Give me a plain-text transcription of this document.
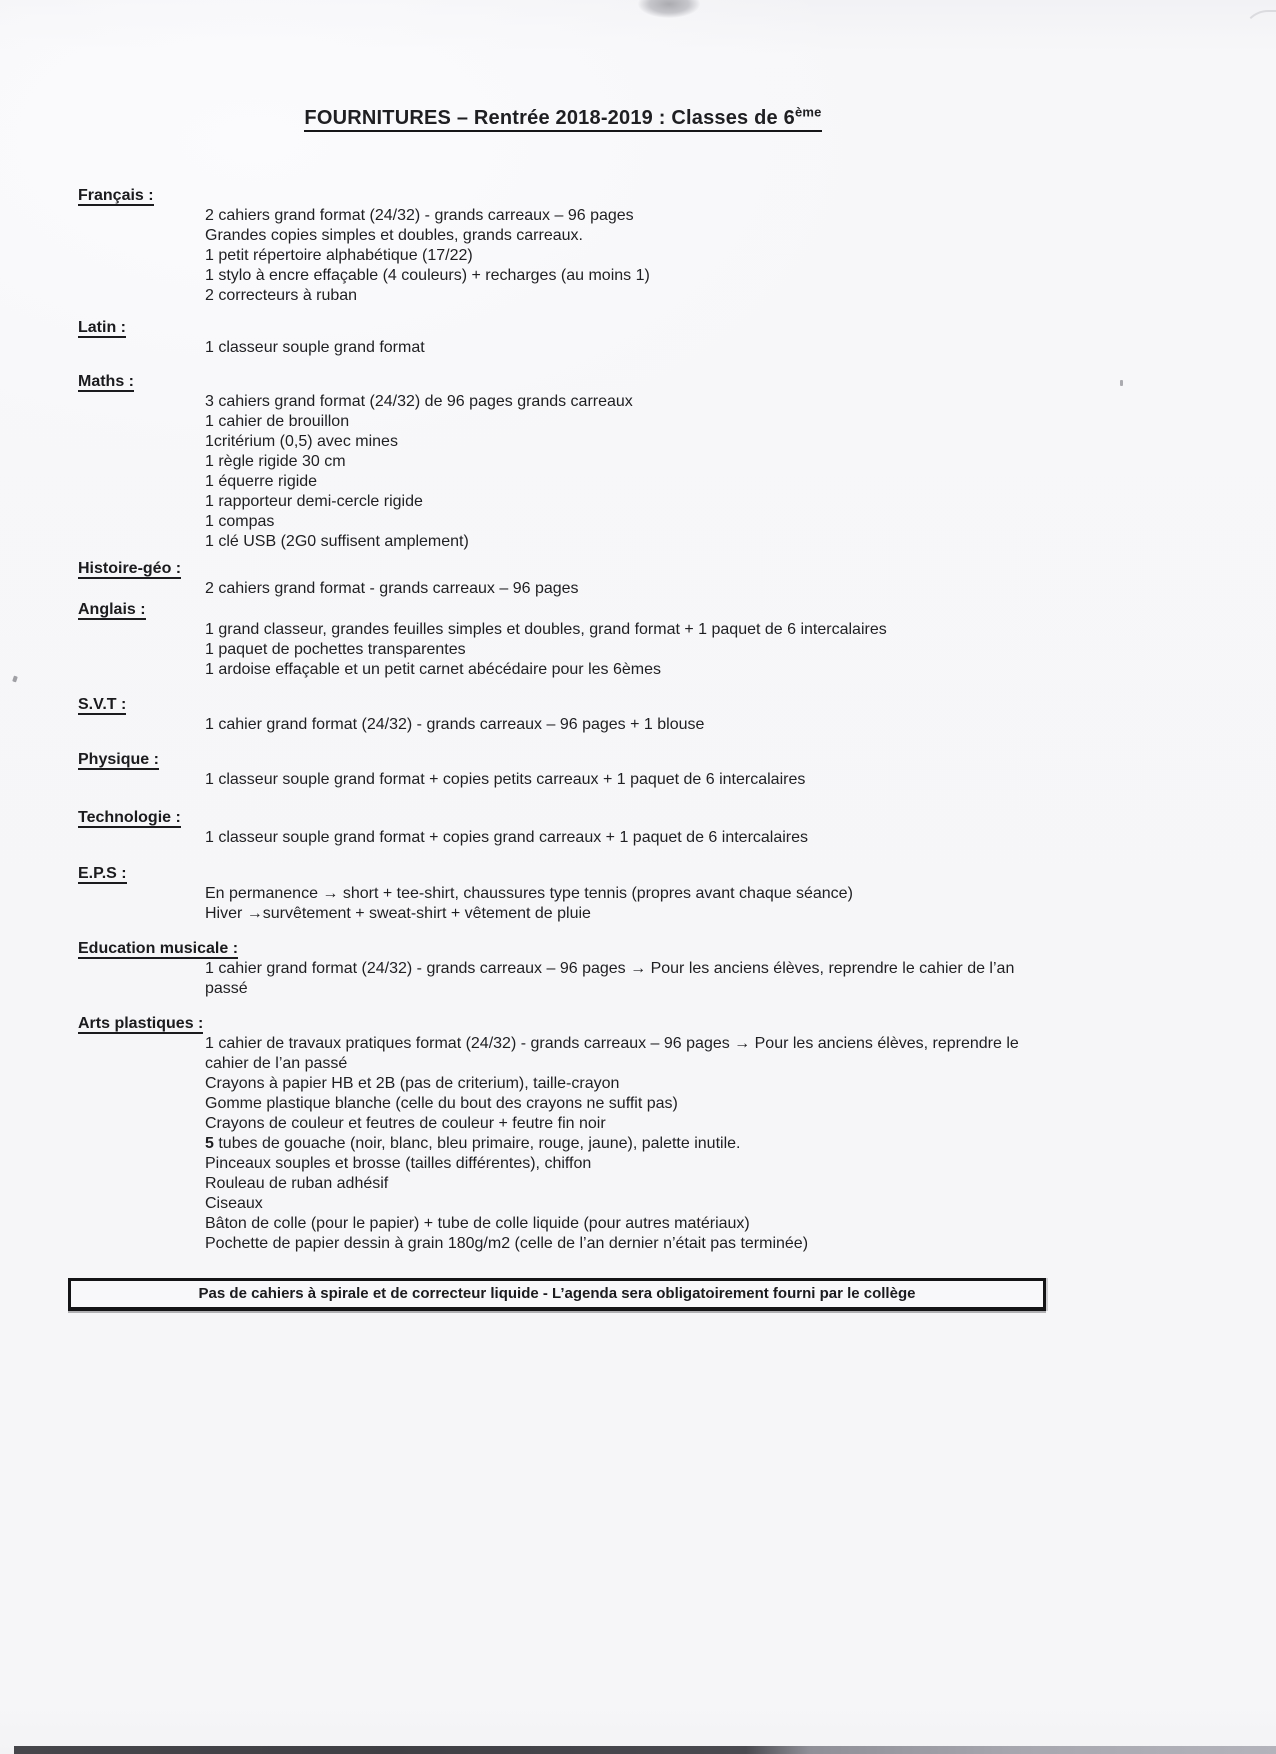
FOURNITURES – Rentrée 2018-2019 : Classes de 6ème
Français :
2 cahiers grand format (24/32) - grands carreaux – 96 pages
Grandes copies simples et doubles, grands carreaux.
1 petit répertoire alphabétique (17/22)
1 stylo à encre effaçable (4 couleurs) + recharges (au moins 1)
2 correcteurs à ruban
Latin :
1 classeur souple grand format
Maths :
3 cahiers grand format (24/32) de 96 pages grands carreaux
1 cahier de brouillon
1critérium (0,5) avec mines
1 règle rigide 30 cm
1 équerre rigide
1 rapporteur demi-cercle rigide
1 compas
1 clé USB (2G0 suffisent amplement)
Histoire-géo :
2 cahiers grand format - grands carreaux – 96 pages
Anglais :
1 grand classeur, grandes feuilles simples et doubles, grand format + 1 paquet de 6 intercalaires
1 paquet de pochettes transparentes
1 ardoise effaçable et un petit carnet abécédaire pour les 6èmes
S.V.T :
1 cahier grand format (24/32) - grands carreaux – 96 pages + 1 blouse
Physique :
1 classeur souple grand format + copies petits carreaux + 1 paquet de 6 intercalaires
Technologie :
1 classeur souple grand format + copies grand carreaux + 1 paquet de 6 intercalaires
E.P.S :
En permanence → short + tee-shirt, chaussures type tennis (propres avant chaque séance)
Hiver →survêtement + sweat-shirt + vêtement de pluie
Education musicale :
1 cahier grand format (24/32) - grands carreaux – 96 pages → Pour les anciens élèves, reprendre le cahier de l’an passé
Arts plastiques :
1 cahier de travaux pratiques format (24/32) - grands carreaux – 96 pages → Pour les anciens élèves, reprendre le cahier de l’an passé
Crayons à papier HB et 2B (pas de criterium), taille-crayon
Gomme plastique blanche (celle du bout des crayons ne suffit pas)
Crayons de couleur et feutres de couleur + feutre fin noir
5 tubes de gouache (noir, blanc, bleu primaire, rouge, jaune), palette inutile.
Pinceaux souples et brosse (tailles différentes), chiffon
Rouleau de ruban adhésif
Ciseaux
Bâton de colle (pour le papier) + tube de colle liquide (pour autres matériaux)
Pochette de papier dessin à grain 180g/m2 (celle de l’an dernier n’était pas terminée)
Pas de cahiers à spirale et de correcteur liquide - L’agenda sera obligatoirement fourni par le collège
